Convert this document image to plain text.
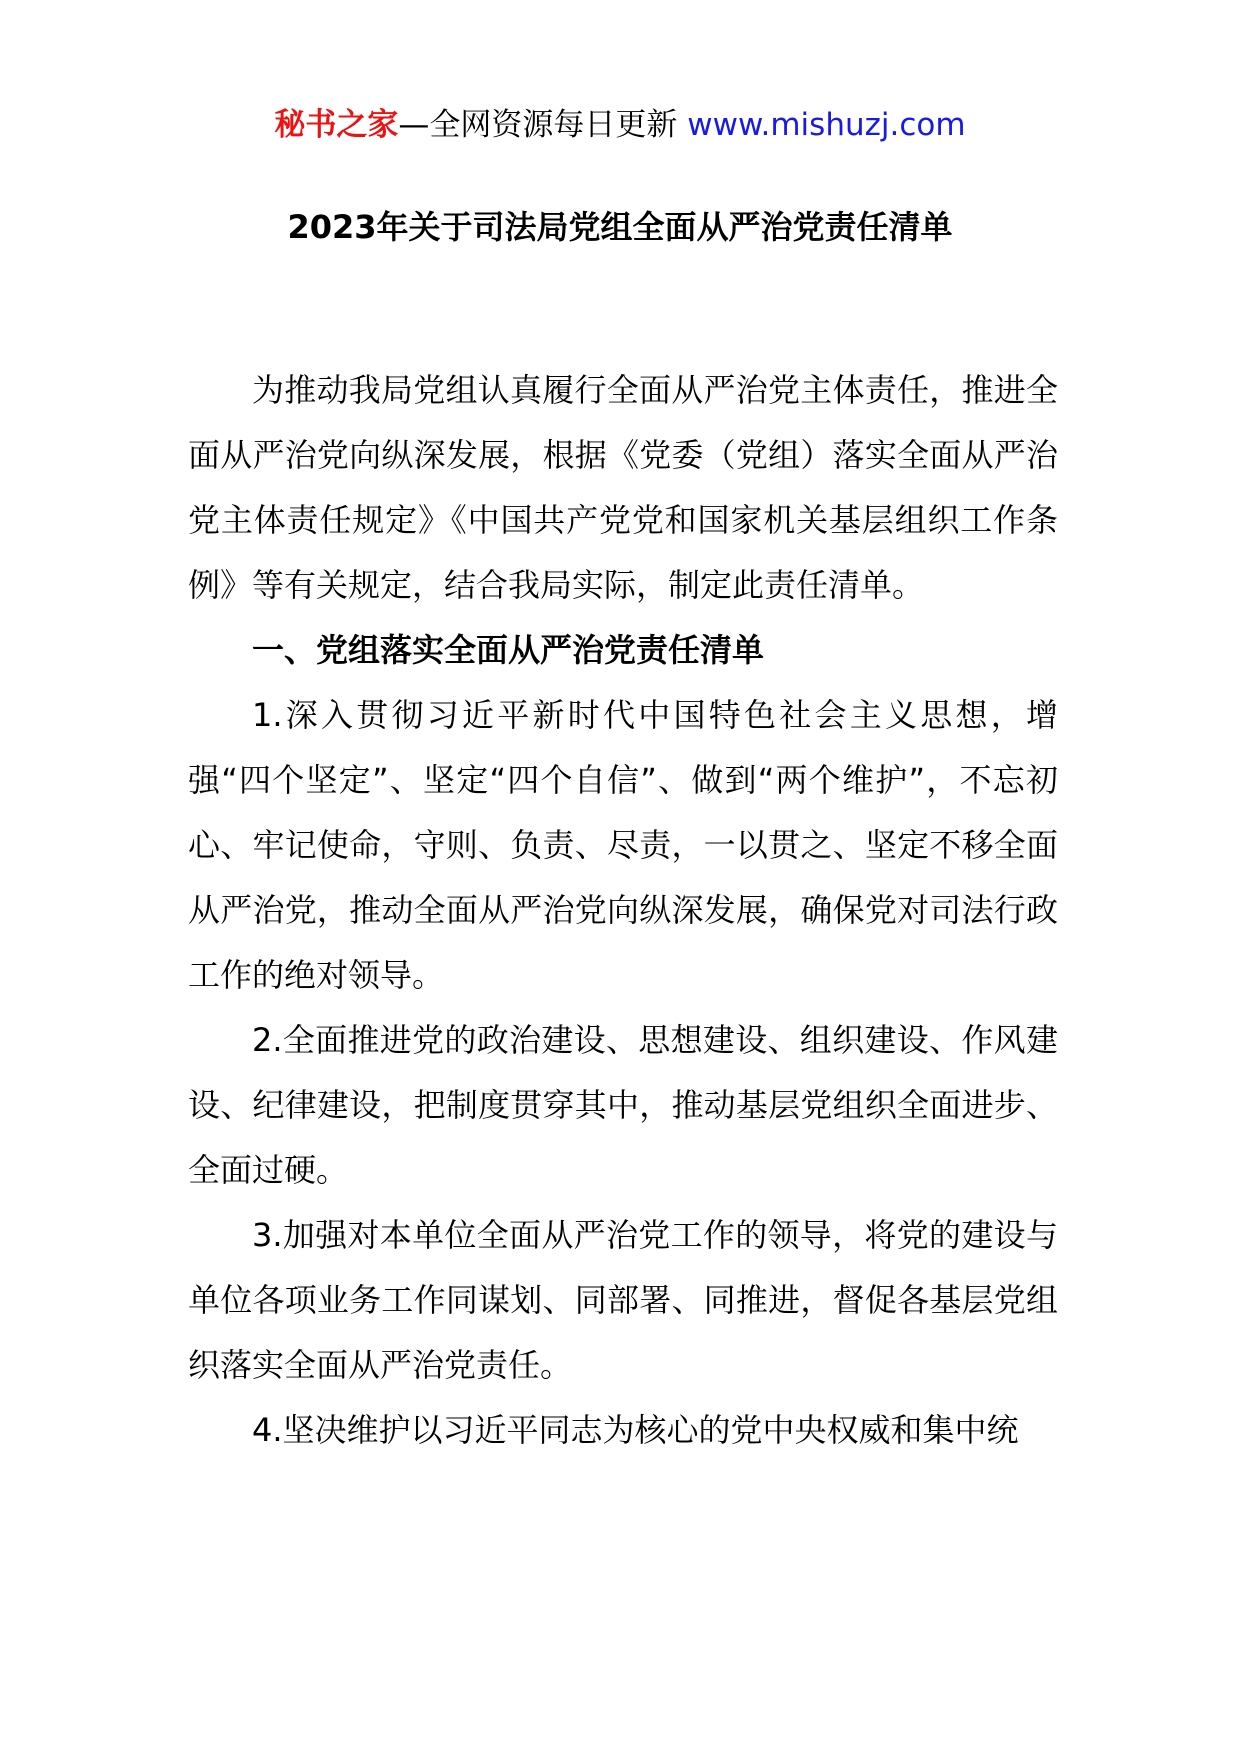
秘书之家—全网资源每日更新 www.mishuzj.com
2023年关于司法局党组全面从严治党责任清单

为推动我局党组认真履行全面从严治党主体责任，推进全面从严治党向纵深发展，根据《党委（党组）落实全面从严治党主体责任规定》《中国共产党党和国家机关基层组织工作条例》等有关规定，结合我局实际，制定此责任清单。

一、党组落实全面从严治党责任清单

1.深入贯彻习近平新时代中国特色社会主义思想，增强“四个坚定”、坚定“四个自信”、做到“两个维护”，不忘初心、牢记使命，守则、负责、尽责，一以贯之、坚定不移全面从严治党，推动全面从严治党向纵深发展，确保党对司法行政工作的绝对领导。

2.全面推进党的政治建设、思想建设、组织建设、作风建设、纪律建设，把制度贯穿其中，推动基层党组织全面进步、全面过硬。

3.加强对本单位全面从严治党工作的领导，将党的建设与单位各项业务工作同谋划、同部署、同推进，督促各基层党组织落实全面从严治党责任。

4.坚决维护以习近平同志为核心的党中央权威和集中统
